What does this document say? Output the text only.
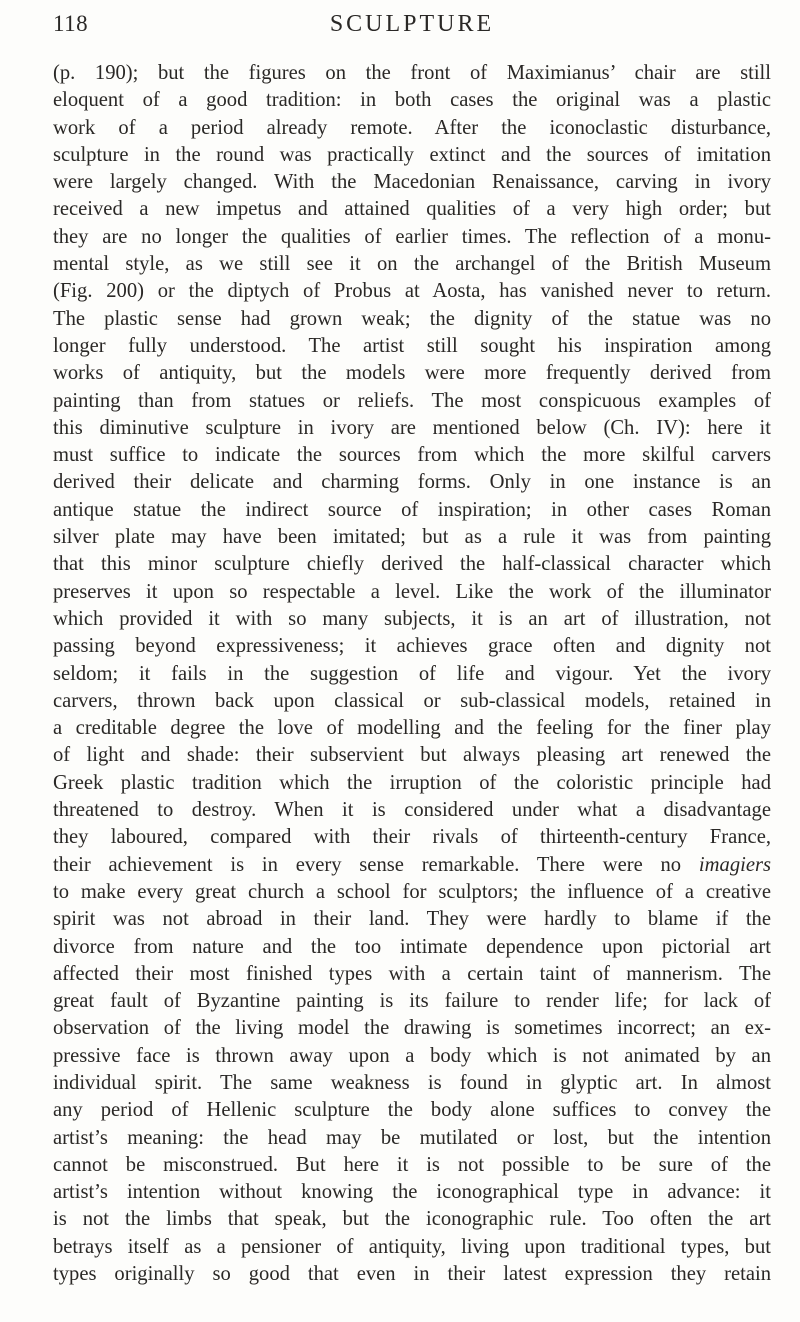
118	SCULPTURE
(p. 190); but the figures on the front of Maximianus’ chair are still
eloquent of a good tradition: in both cases the original was a plastic
work of a period already remote. After the iconoclastic disturbance,
sculpture in the round was practically extinct and the sources of imitation
were largely changed. With the Macedonian Renaissance, carving in ivory
received a new impetus and attained qualities of a very high order; but
they are no longer the qualities of earlier times. The reflection of a monu-
mental style, as we still see it on the archangel of the British Museum
(Fig. 200) or the diptych of Probus at Aosta, has vanished never to return.
The plastic sense had grown weak; the dignity of the statue was no
longer fully understood. The artist still sought his inspiration among
works of antiquity, but the models were more frequently derived from
painting than from statues or reliefs. The most conspicuous examples of
this diminutive sculpture in ivory are mentioned below (Ch. IV): here it
must suffice to indicate the sources from which the more skilful carvers
derived their delicate and charming forms. Only in one instance is an
antique statue the indirect source of inspiration; in other cases Roman
silver plate may have been imitated; but as a rule it was from painting
that this minor sculpture chiefly derived the half-classical character which
preserves it upon so respectable a level. Like the work of the illuminator
which provided it with so many subjects, it is an art of illustration, not
passing beyond expressiveness; it achieves grace often and dignity not
seldom; it fails in the suggestion of life and vigour. Yet the ivory
carvers, thrown back upon classical or sub-classical models, retained in
a creditable degree the love of modelling and the feeling for the finer play
of light and shade: their subservient but always pleasing art renewed the
Greek plastic tradition which the irruption of the coloristic principle had
threatened to destroy. When it is considered under what a disadvantage
they laboured, compared with their rivals of thirteenth-century France,
their achievement is in every sense remarkable. There were no imagiers
to make every great church a school for sculptors; the influence of a creative
spirit was not abroad in their land. They were hardly to blame if the
divorce from nature and the too intimate dependence upon pictorial art
affected their most finished types with a certain taint of mannerism. The
great fault of Byzantine painting is its failure to render life; for lack of
observation of the living model the drawing is sometimes incorrect; an ex-
pressive face is thrown away upon a body which is not animated by an
individual spirit. The same weakness is found in glyptic art. In almost
any period of Hellenic sculpture the body alone suffices to convey the
artist’s meaning: the head may be mutilated or lost, but the intention
cannot be misconstrued. But here it is not possible to be sure of the
artist’s intention without knowing the iconographical type in advance: it
is not the limbs that speak, but the iconographic rule. Too often the art
betrays itself as a pensioner of antiquity, living upon traditional types, but
types originally so good that even in their latest expression they retain
